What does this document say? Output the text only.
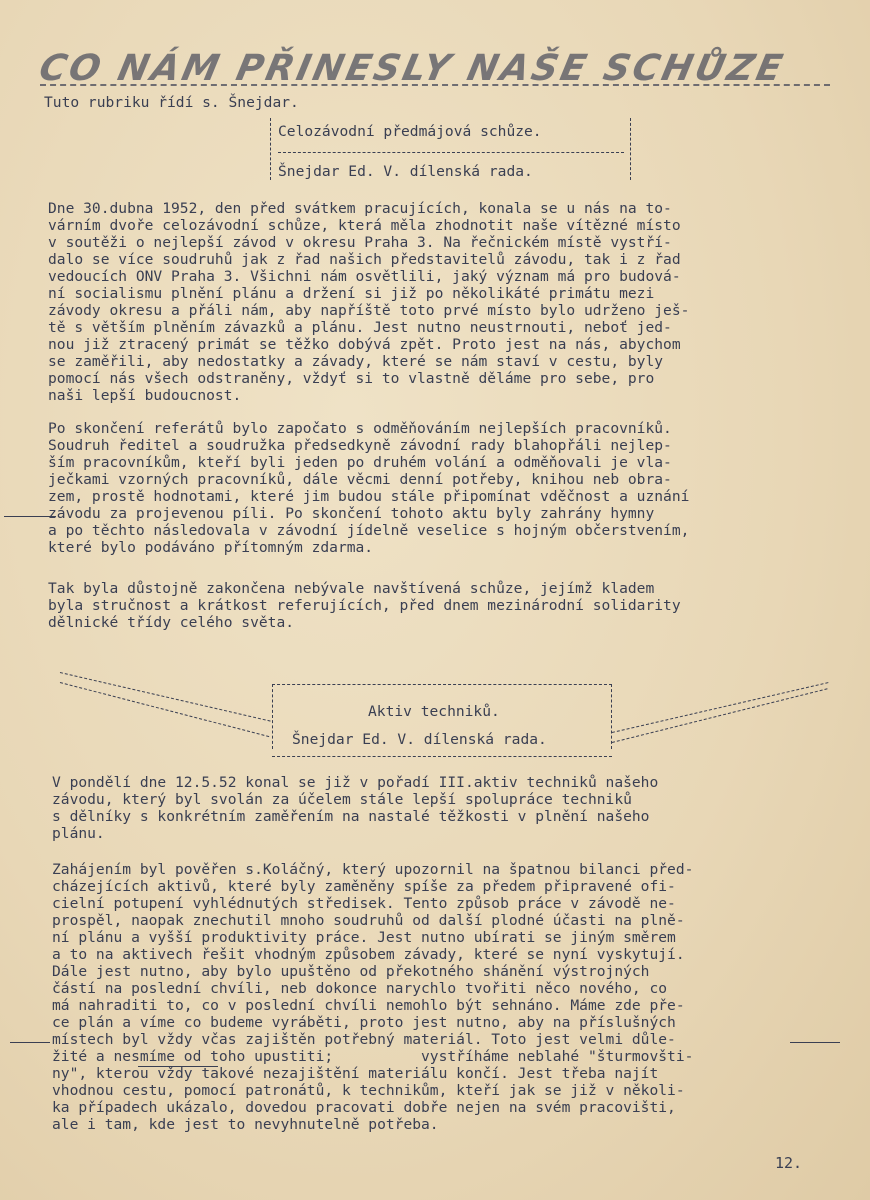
CO NÁM PŘINESLY NAŠE SCHŮZE
Tuto rubriku řídí s. Šnejdar.
Celozávodní předmájová schůze.
Šnejdar Ed. V. dílenská rada.
Dne 30.dubna 1952, den před svátkem pracujících, konala se u nás na to-
várním dvoře celozávodní schůze, která měla zhodnotit naše vítězné místo
v soutěži o nejlepší závod v okresu Praha 3. Na řečnickém místě vystří-
dalo se více soudruhů jak z řad našich představitelů závodu, tak i z řad
vedoucích ONV Praha 3. Všichni nám osvětlili, jaký význam má pro budová-
ní socialismu plnění plánu a držení si již po několikáté primátu mezi
závody okresu a přáli nám, aby napříště toto prvé místo bylo udrženo ješ-
tě s větším plněním závazků a plánu. Jest nutno neustrnouti, neboť jed-
nou již ztracený primát se těžko dobývá zpět. Proto jest na nás, abychom
se zaměřili, aby nedostatky a závady, které se nám staví v cestu, byly
pomocí nás všech odstraněny, vždyť si to vlastně děláme pro sebe, pro
naši lepší budoucnost.
Po skončení referátů bylo započato s odměňováním nejlepších pracovníků.
Soudruh ředitel a soudružka předsedkyně závodní rady blahopřáli nejlep-
ším pracovníkům, kteří byli jeden po druhém volání a odměňovali je vla-
ječkami vzorných pracovníků, dále věcmi denní potřeby, knihou neb obra-
zem, prostě hodnotami, které jim budou stále připomínat vděčnost a uznání
závodu za projevenou píli. Po skončení tohoto aktu byly zahrány hymny
a po těchto následovala v závodní jídelně veselice s hojným občerstvením,
které bylo podáváno přítomným zdarma.
Tak byla důstojně zakončena nebývale navštívená schůze, jejímž kladem
byla stručnost a krátkost referujících, před dnem mezinárodní solidarity
dělnické třídy celého světa.
Aktiv techniků.
Šnejdar Ed. V. dílenská rada.
V pondělí dne 12.5.52 konal se již v pořadí III.aktiv techniků našeho
závodu, který byl svolán za účelem stále lepší spolupráce techniků
s dělníky s konkrétním zaměřením na nastalé těžkosti v plnění našeho
plánu.
Zahájením byl pověřen s.Koláčný, který upozornil na špatnou bilanci před-
cházejících aktivů, které byly zaměněny spíše za předem připravené ofi-
cielní potupení vyhlédnutých středisek. Tento způsob práce v závodě ne-
prospěl, naopak znechutil mnoho soudruhů od další plodné účasti na plně-
ní plánu a vyšší produktivity práce. Jest nutno ubírati se jiným směrem
a to na aktivech řešit vhodným způsobem závady, které se nyní vyskytují.
Dále jest nutno, aby bylo upuštěno od překotného shánění výstrojných
částí na poslední chvíli, neb dokonce narychlo tvořiti něco nového, co
má nahraditi to, co v poslední chvíli nemohlo být sehnáno. Máme zde pře-
ce plán a víme co budeme vyráběti, proto jest nutno, aby na příslušných
místech byl vždy včas zajištěn potřebný materiál. Toto jest velmi důle-
žité a nesmíme od toho upustiti;          vystříháme neblahé "šturmovšti-
ny", kterou vždy takové nezajištění materiálu končí. Jest třeba najít
vhodnou cestu, pomocí patronátů, k technikům, kteří jak se již v několi-
ka případech ukázalo, dovedou pracovati dobře nejen na svém pracovišti,
ale i tam, kde jest to nevyhnutelně potřeba.
12.
